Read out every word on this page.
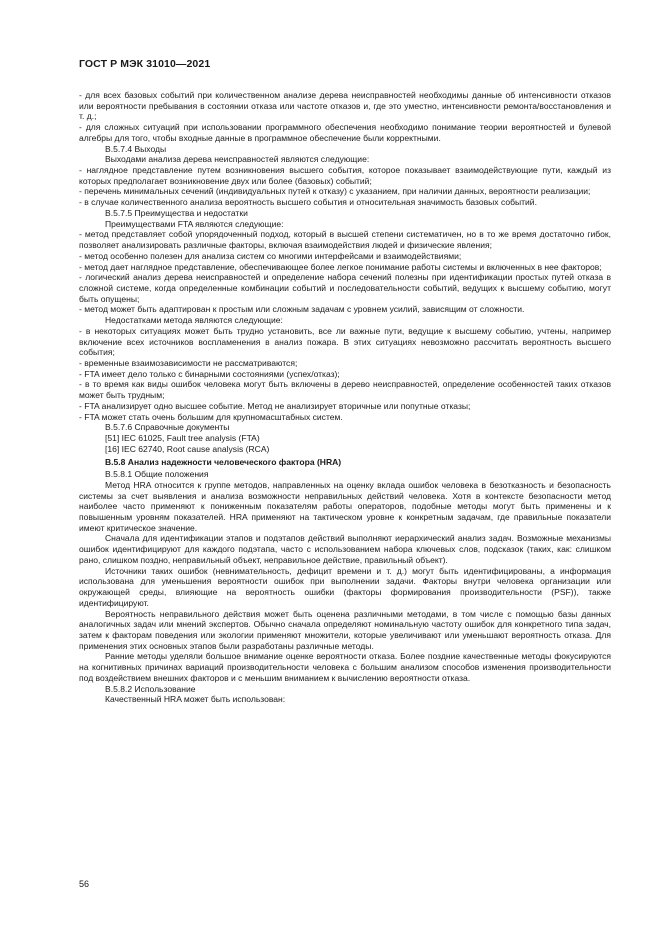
ГОСТ Р МЭК 31010—2021

- для всех базовых событий при количественном анализе дерева неисправностей необходимы данные об интенсивности отказов или вероятности пребывания в состоянии отказа или частоте отказов и, где это уместно, интенсивности ремонта/восстановления и т. д.;

- для сложных ситуаций при использовании программного обеспечения необходимо понимание теории вероятностей и булевой алгебры для того, чтобы входные данные в программное обеспечение были корректными.

В.5.7.4 Выходы

Выходами анализа дерева неисправностей являются следующие:

- наглядное представление путем возникновения высшего события, которое показывает взаимодействующие пути, каждый из которых предполагает возникновение двух или более (базовых) событий;

- перечень минимальных сечений (индивидуальных путей к отказу) с указанием, при наличии данных, вероятности реализации;

- в случае количественного анализа вероятность высшего события и относительная значимость базовых событий.

В.5.7.5 Преимущества и недостатки

Преимуществами FTA являются следующие:

- метод представляет собой упорядоченный подход, который в высшей степени систематичен, но в то же время достаточно гибок, позволяет анализировать различные факторы, включая взаимодействия людей и физические явления;

- метод особенно полезен для анализа систем со многими интерфейсами и взаимодействиями;

- метод дает наглядное представление, обеспечивающее более легкое понимание работы системы и включенных в нее факторов;

- логический анализ дерева неисправностей и определение набора сечений полезны при идентификации простых путей отказа в сложной системе, когда определенные комбинации событий и последовательности событий, ведущих к высшему событию, могут быть опущены;

- метод может быть адаптирован к простым или сложным задачам с уровнем усилий, зависящим от сложности.

Недостатками метода являются следующие:

- в некоторых ситуациях может быть трудно установить, все ли важные пути, ведущие к высшему событию, учтены, например включение всех источников воспламенения в анализ пожара. В этих ситуациях невозможно рассчитать вероятность высшего события;

- временные взаимозависимости не рассматриваются;

- FTA имеет дело только с бинарными состояниями (успех/отказ);

- в то время как виды ошибок человека могут быть включены в дерево неисправностей, определение особенностей таких отказов может быть трудным;

- FTA анализирует одно высшее событие. Метод не анализирует вторичные или попутные отказы;

- FTA может стать очень большим для крупномасштабных систем.

В.5.7.6 Справочные документы

[51] IEC 61025, Fault tree analysis (FTA)

[16] IEC 62740, Root cause analysis (RCA)

В.5.8 Анализ надежности человеческого фактора (HRA)

В.5.8.1 Общие положения

Метод HRA относится к группе методов, направленных на оценку вклада ошибок человека в безотказность и безопасность системы за счет выявления и анализа возможности неправильных действий человека. Хотя в контексте безопасности метод наиболее часто применяют к пониженным показателям работы операторов, подобные методы могут быть применены и к повышенным уровням показателей. HRA применяют на тактическом уровне к конкретным задачам, где правильные показатели имеют критическое значение.

Сначала для идентификации этапов и подэтапов действий выполняют иерархический анализ задач. Возможные механизмы ошибок идентифицируют для каждого подэтапа, часто с использованием набора ключевых слов, подсказок (таких, как: слишком рано, слишком поздно, неправильный объект, неправильное действие, правильный объект).

Источники таких ошибок (невнимательность, дефицит времени и т. д.) могут быть идентифицированы, а информация использована для уменьшения вероятности ошибок при выполнении задачи. Факторы внутри человека организации или окружающей среды, влияющие на вероятность ошибки (факторы формирования производительности (PSF)), также идентифицируют.

Вероятность неправильного действия может быть оценена различными методами, в том числе с помощью базы данных аналогичных задач или мнений экспертов. Обычно сначала определяют номинальную частоту ошибок для конкретного типа задач, затем к факторам поведения или экологии применяют множители, которые увеличивают или уменьшают вероятность отказа. Для применения этих основных этапов были разработаны различные методы.

Ранние методы уделяли большое внимание оценке вероятности отказа. Более поздние качественные методы фокусируются на когнитивных причинах вариаций производительности человека с большим анализом способов изменения производительности под воздействием внешних факторов и с меньшим вниманием к вычислению вероятности отказа.

В.5.8.2 Использование

Качественный HRA может быть использован:

56
